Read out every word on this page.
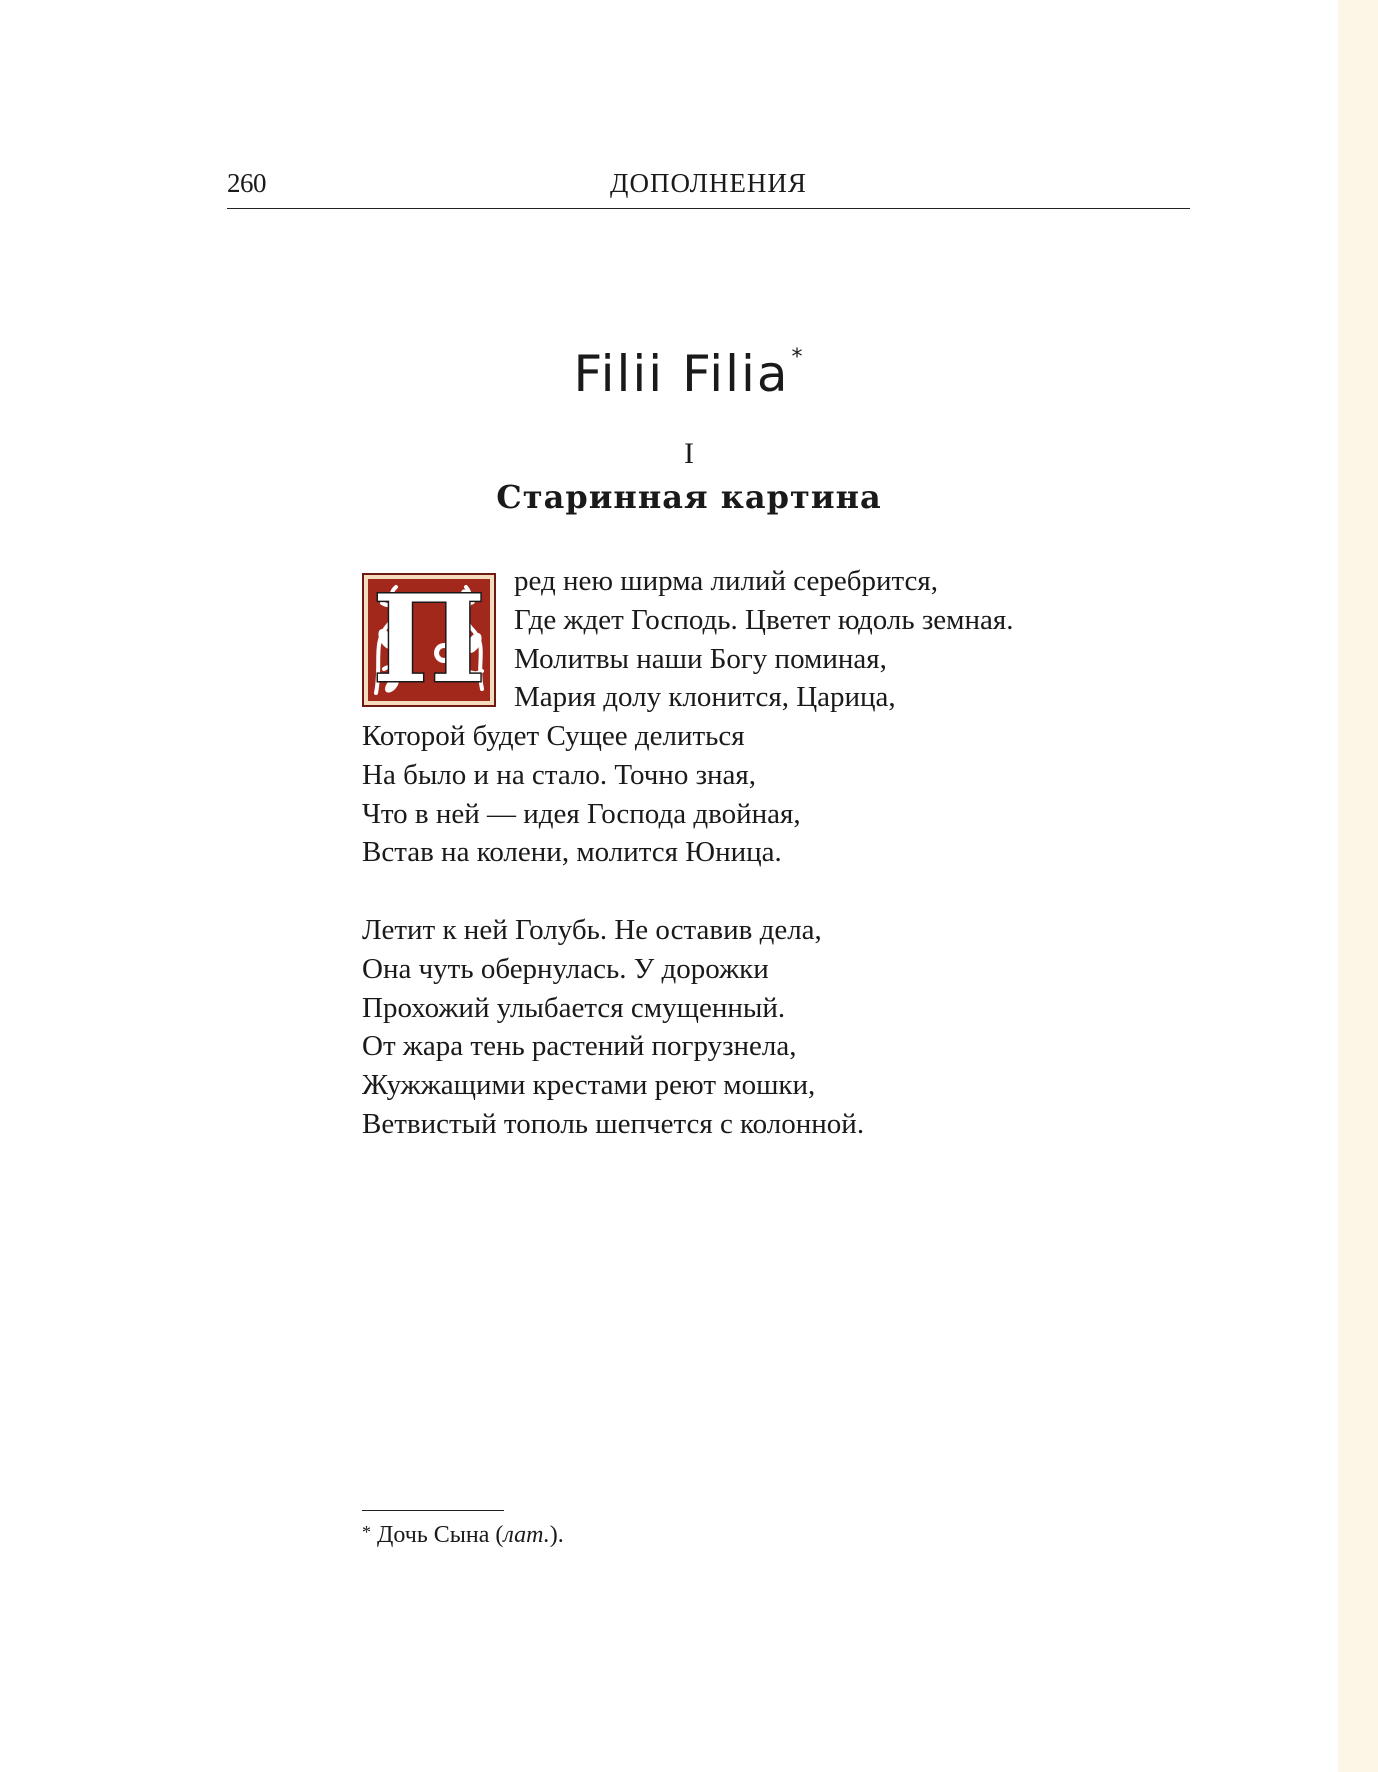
260	ДОПОЛНЕНИЯ
Filii Filia*
I
Старинная картина
П ред нею ширма лилий серебрится,
Где ждет Господь. Цветет юдоль земная.
Молитвы наши Богу поминая,
Мария долу клонится, Царица,
Которой будет Сущее делиться
На было и на стало. Точно зная,
Что в ней — идея Господа двойная,
Встав на колени, молится Юница.
Летит к ней Голубь. Не оставив дела,
Она чуть обернулась. У дорожки
Прохожий улыбается смущенный.
От жара тень растений погрузнела,
Жужжащими крестами реют мошки,
Ветвистый тополь шепчется с колонной.
* Дочь Сына (лат.).
